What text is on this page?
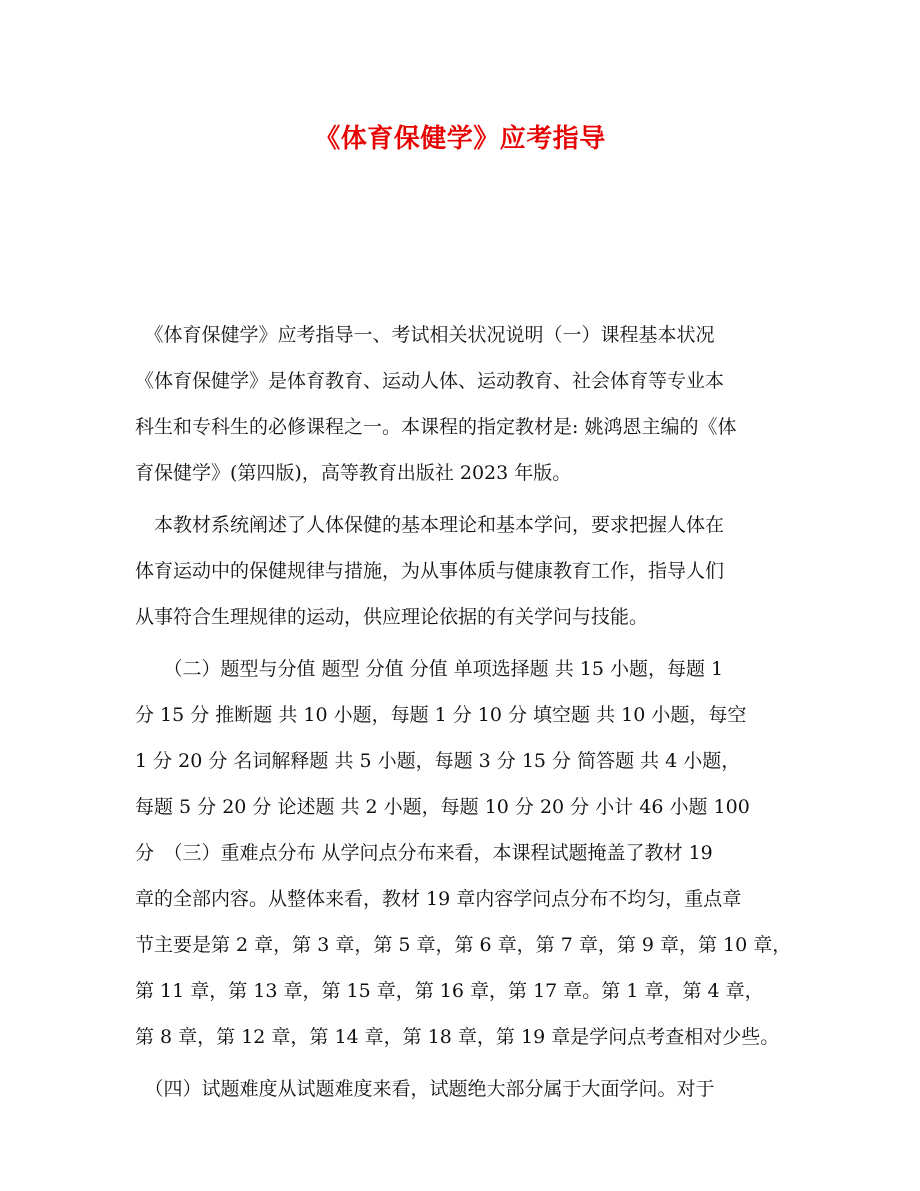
《体育保健学》应考指导
　《体育保健学》应考指导一、考试相关状况说明（一）课程基本状况
《体育保健学》是体育教育、运动人体、运动教育、社会体育等专业本
科生和专科生的必修课程之一。本课程的指定教材是: 姚鸿恩主编的《体
育保健学》(第四版)，高等教育出版社 2023 年版。
　本教材系统阐述了人体保健的基本理论和基本学问，要求把握人体在
体育运动中的保健规律与措施，为从事体质与健康教育工作，指导人们
从事符合生理规律的运动，供应理论依据的有关学问与技能。
　　（二）题型与分值 题型 分值 分值 单项选择题 共 15 小题，每题 1
分 15 分 推断题 共 10 小题，每题 1 分 10 分 填空题 共 10 小题，每空
1 分 20 分 名词解释题 共 5 小题，每题 3 分 15 分 简答题 共 4 小题，
每题 5 分 20 分 论述题 共 2 小题，每题 10 分 20 分 小计 46 小题 100
分　（三）重难点分布 从学问点分布来看，本课程试题掩盖了教材 19
章的全部内容。从整体来看，教材 19 章内容学问点分布不均匀，重点章
节主要是第 2 章，第 3 章，第 5 章，第 6 章，第 7 章，第 9 章，第 10 章，
第 11 章，第 13 章，第 15 章，第 16 章，第 17 章。第 1 章，第 4 章，
第 8 章，第 12 章，第 14 章，第 18 章，第 19 章是学问点考查相对少些。
　（四）试题难度从试题难度来看，试题绝大部分属于大面学问。对于
